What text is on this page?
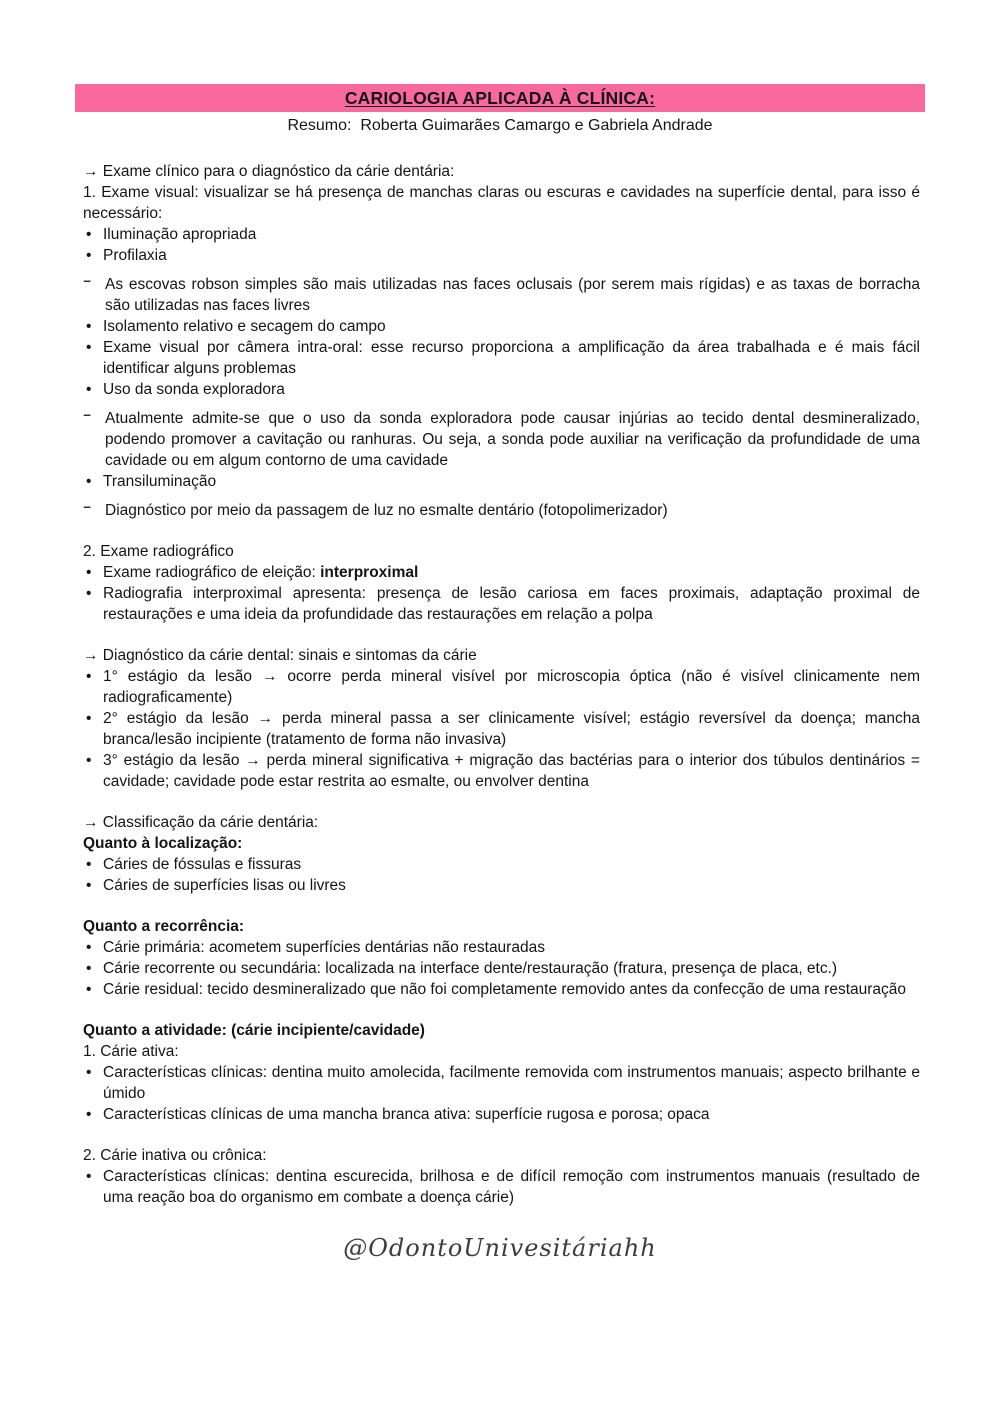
CARIOLOGIA APLICADA À CLÍNICA:
Resumo:  Roberta Guimarães Camargo e Gabriela Andrade
→ Exame clínico para o diagnóstico da cárie dentária:
1. Exame visual: visualizar se há presença de manchas claras ou escuras e cavidades na superfície dental, para isso é necessário:
• Iluminação apropriada
• Profilaxia
⁻ As escovas robson simples são mais utilizadas nas faces oclusais (por serem mais rígidas) e as taxas de borracha são utilizadas nas faces livres
• Isolamento relativo e secagem do campo
• Exame visual por câmera intra-oral: esse recurso proporciona a amplificação da área trabalhada e é mais fácil identificar alguns problemas
• Uso da sonda exploradora
⁻ Atualmente admite-se que o uso da sonda exploradora pode causar injúrias ao tecido dental desmineralizado, podendo promover a cavitação ou ranhuras. Ou seja, a sonda pode auxiliar na verificação da profundidade de uma cavidade ou em algum contorno de uma cavidade
• Transiluminação
⁻ Diagnóstico por meio da passagem de luz no esmalte dentário (fotopolimerizador)
2. Exame radiográfico
• Exame radiográfico de eleição: interproximal
• Radiografia interproximal apresenta: presença de lesão cariosa em faces proximais, adaptação proximal de restaurações e uma ideia da profundidade das restaurações em relação a polpa
→ Diagnóstico da cárie dental: sinais e sintomas da cárie
• 1° estágio da lesão → ocorre perda mineral visível por microscopia óptica (não é visível clinicamente nem radiograficamente)
• 2° estágio da lesão → perda mineral passa a ser clinicamente visível; estágio reversível da doença; mancha branca/lesão incipiente (tratamento de forma não invasiva)
• 3° estágio da lesão → perda mineral significativa + migração das bactérias para o interior dos túbulos dentinários = cavidade; cavidade pode estar restrita ao esmalte, ou envolver dentina
→ Classificação da cárie dentária:
Quanto à localização:
• Cáries de fóssulas e fissuras
• Cáries de superfícies lisas ou livres
Quanto a recorrência:
• Cárie primária: acometem superfícies dentárias não restauradas
• Cárie recorrente ou secundária: localizada na interface dente/restauração (fratura, presença de placa, etc.)
• Cárie residual: tecido desmineralizado que não foi completamente removido antes da confecção de uma restauração
Quanto a atividade: (cárie incipiente/cavidade)
1. Cárie ativa:
• Características clínicas: dentina muito amolecida, facilmente removida com instrumentos manuais; aspecto brilhante e úmido
• Características clínicas de uma mancha branca ativa: superfície rugosa e porosa; opaca
2. Cárie inativa ou crônica:
• Características clínicas: dentina escurecida, brilhosa e de difícil remoção com instrumentos manuais (resultado de uma reação boa do organismo em combate a doença cárie)
@OdontoUnivesitáriahh
